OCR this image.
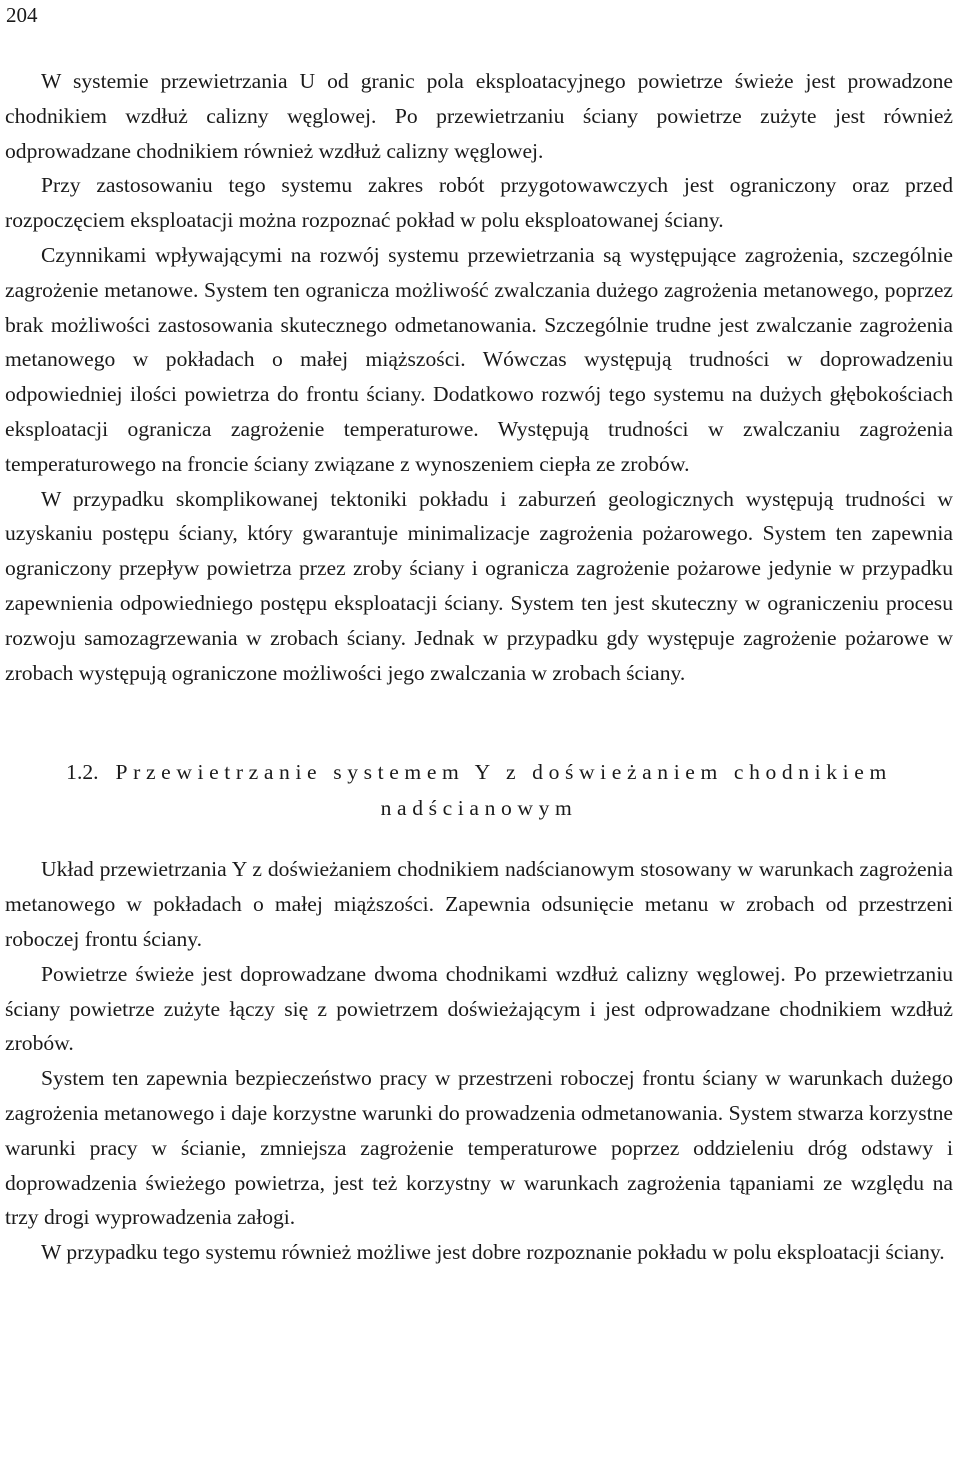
204

W systemie przewietrzania U od granic pola eksploatacyjnego powietrze świeże jest prowadzone chodnikiem wzdłuż calizny węglowej. Po przewietrzaniu ściany powietrze zużyte jest również odprowadzane chodnikiem również wzdłuż calizny węglowej.

Przy zastosowaniu tego systemu zakres robót przygotowawczych jest ograniczony oraz przed rozpoczęciem eksploatacji można rozpoznać pokład w polu eksploatowanej ściany.

Czynnikami wpływającymi na rozwój systemu przewietrzania są występujące zagrożenia, szczególnie zagrożenie metanowe. System ten ogranicza możliwość zwalczania dużego zagrożenia metanowego, poprzez brak możliwości zastosowania skutecznego odmetanowania. Szczególnie trudne jest zwalczanie zagrożenia metanowego w pokładach o małej miąższości. Wówczas występują trudności w doprowadzeniu odpowiedniej ilości powietrza do frontu ściany. Dodatkowo rozwój tego systemu na dużych głębokościach eksploatacji ogranicza zagrożenie temperaturowe. Występują trudności w zwalczaniu zagrożenia temperaturowego na froncie ściany związane z wynoszeniem ciepła ze zrobów.

W przypadku skomplikowanej tektoniki pokładu i zaburzeń geologicznych występują trudności w uzyskaniu postępu ściany, który gwarantuje minimalizacje zagrożenia pożarowego. System ten zapewnia ograniczony przepływ powietrza przez zroby ściany i ogranicza zagrożenie pożarowe jedynie w przypadku zapewnienia odpowiedniego postępu eksploatacji ściany. System ten jest skuteczny w ograniczeniu procesu rozwoju samozagrzewania w zrobach ściany. Jednak w przypadku gdy występuje zagrożenie pożarowe w zrobach występują ograniczone możliwości jego zwalczania w zrobach ściany.

1.2. Przewietrzanie systemem Y z doświeżaniem chodnikiem nadścianowym

Układ przewietrzania Y z doświeżaniem chodnikiem nadścianowym stosowany w warunkach zagrożenia metanowego w pokładach o małej miąższości. Zapewnia odsunięcie metanu w zrobach od przestrzeni roboczej frontu ściany.

Powietrze świeże jest doprowadzane dwoma chodnikami wzdłuż calizny węglowej. Po przewietrzaniu ściany powietrze zużyte łączy się z powietrzem doświeżającym i jest odprowadzane chodnikiem wzdłuż zrobów.

System ten zapewnia bezpieczeństwo pracy w przestrzeni roboczej frontu ściany w warunkach dużego zagrożenia metanowego i daje korzystne warunki do prowadzenia odmetanowania. System stwarza korzystne warunki pracy w ścianie, zmniejsza zagrożenie temperaturowe poprzez oddzieleniu dróg odstawy i doprowadzenia świeżego powietrza, jest też korzystny w warunkach zagrożenia tąpaniami ze względu na trzy drogi wyprowadzenia załogi.

W przypadku tego systemu również możliwe jest dobre rozpoznanie pokładu w polu eksploatacji ściany.
